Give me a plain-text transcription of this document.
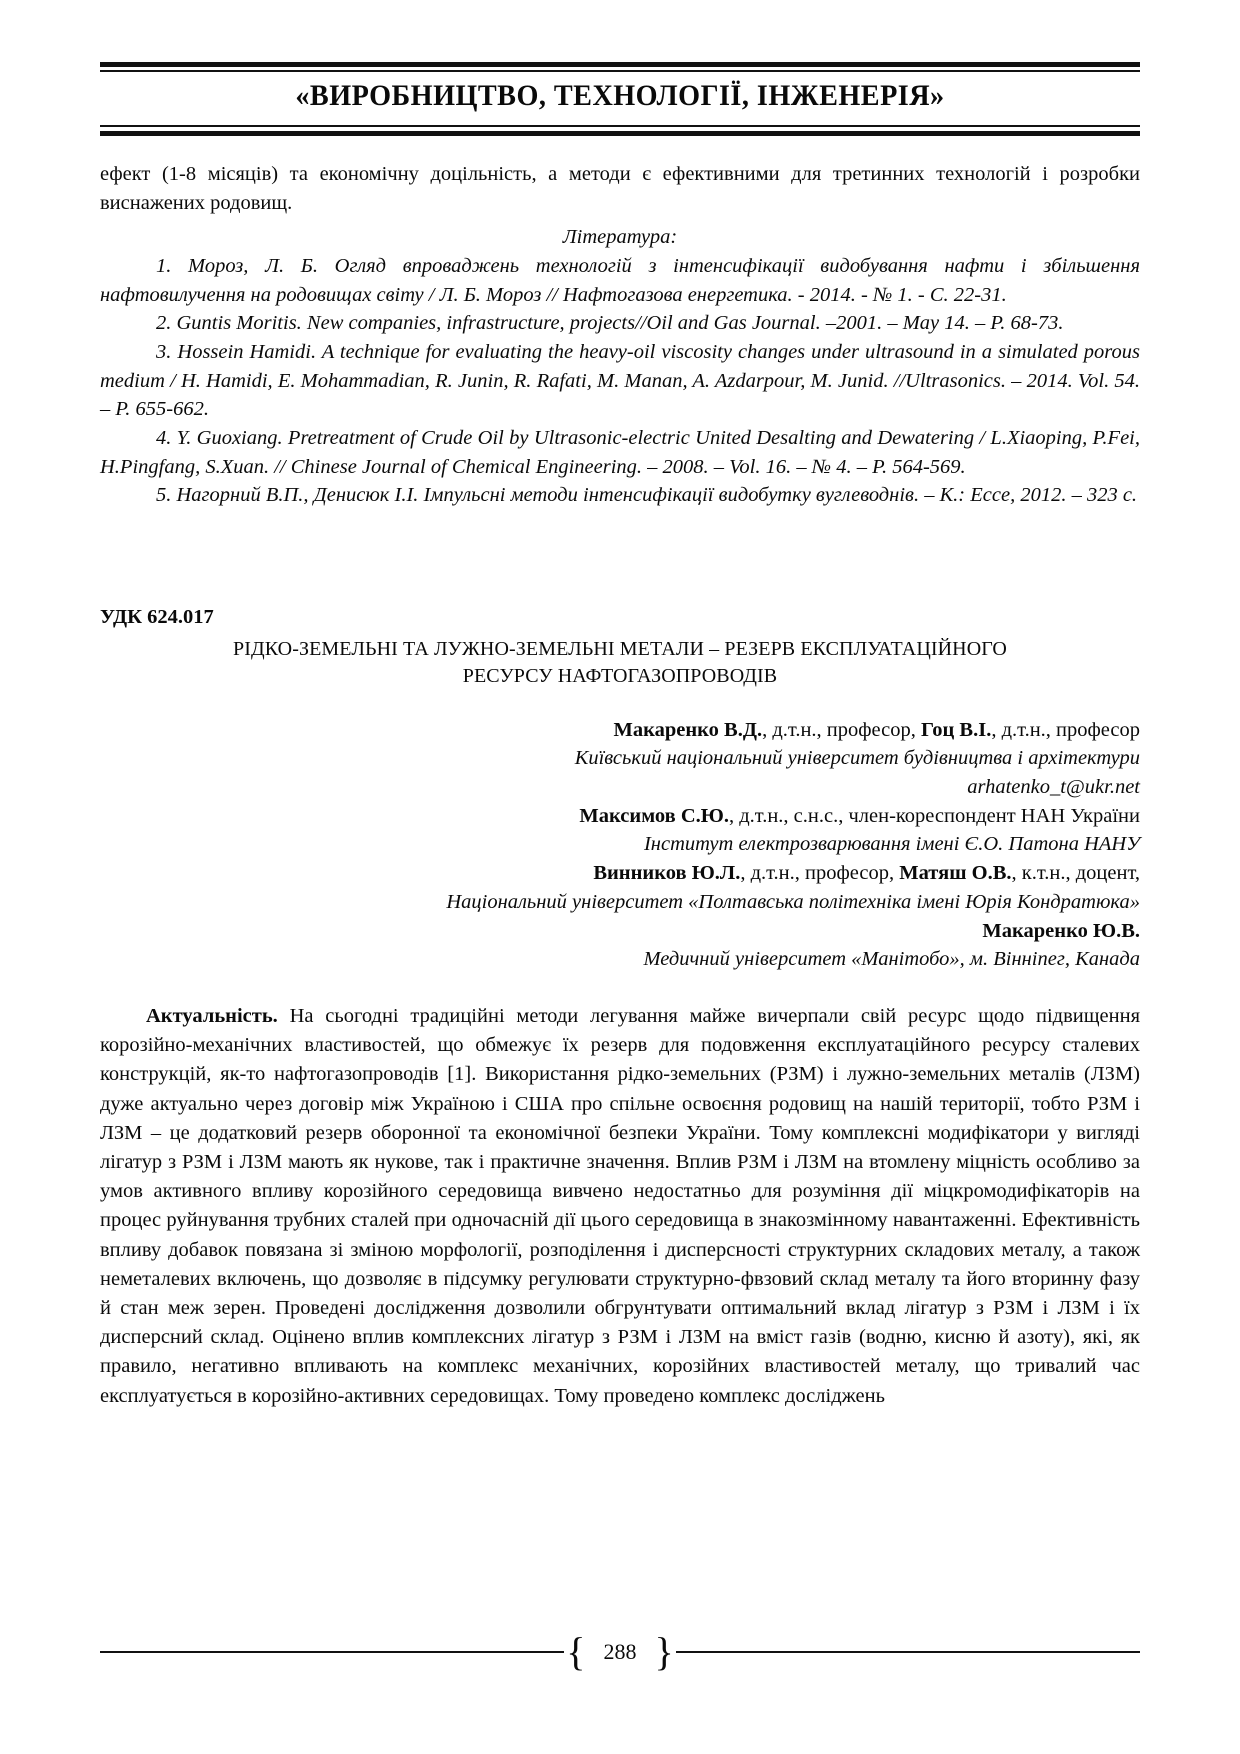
«ВИРОБНИЦТВО, ТЕХНОЛОГІЇ, ІНЖЕНЕРІЯ»
ефект (1-8 місяців) та економічну доцільність, а методи є ефективними для третинних технологій і розробки виснажених родовищ.
Література:
1. Мороз, Л. Б. Огляд впроваджень технологій з інтенсифікації видобування нафти і збільшення нафтовилучення на родовищах світу / Л. Б. Мороз // Нафтогазова енергетика. - 2014. - № 1. - С. 22-31.
2. Guntis Moritis. New companies, infrastructure, projects//Oil and Gas Journal. –2001. – May 14. – P. 68-73.
3. Hossein Hamidi. A technique for evaluating the heavy-oil viscosity changes under ultrasound in a simulated porous medium / H. Hamidi, E. Mohammadian, R. Junin, R. Rafati, M. Manan, A. Azdarpour, M. Junid. //Ultrasonics. – 2014. Vol. 54. – P. 655-662.
4. Y. Guoxiang. Pretreatment of Crude Oil by Ultrasonic-electric United Desalting and Dewatering / L.Xiaoping, P.Fei, H.Pingfang, S.Xuan. // Chinese Journal of Chemical Engineering. – 2008. – Vol. 16. – № 4. – P. 564-569.
5. Нагорний В.П., Денисюк І.І. Імпульсні методи інтенсифікації видобутку вуглеводнів. – К.: Ecce, 2012. – 323 с.
УДК 624.017
РІДКО-ЗЕМЕЛЬНІ ТА ЛУЖНО-ЗЕМЕЛЬНІ МЕТАЛИ – РЕЗЕРВ ЕКСПЛУАТАЦІЙНОГО
РЕСУРСУ НАФТОГАЗОПРОВОДІВ
Макаренко В.Д., д.т.н., професор, Гоц В.І., д.т.н., професор
Київський національний університет будівництва і архітектури
arhatenko_t@ukr.net
Максимов С.Ю., д.т.н., с.н.с., член-кореспондент НАН України
Інститут електрозварювання імені Є.О. Патона НАНУ
Винников Ю.Л., д.т.н., професор, Матяш О.В., к.т.н., доцент,
Національний університет «Полтавська політехніка імені Юрія Кондратюка»
Макаренко Ю.В.
Медичний університет «Манітобо», м. Вінніпег, Канада
Актуальність. На сьогодні традиційні методи легування майже вичерпали свій ресурс щодо підвищення корозійно-механічних властивостей, що обмежує їх резерв для подовження експлуатаційного ресурсу сталевих конструкцій, як-то нафтогазопроводів [1]. Використання рідко-земельних (РЗМ) і лужно-земельних металів (ЛЗМ) дуже актуально через договір між Україною і США про спільне освоєння родовищ на нашій території, тобто РЗМ і ЛЗМ – це додатковий резерв оборонної та економічної безпеки України. Тому комплексні модифікатори у вигляді лігатур з РЗМ і ЛЗМ мають як нукове, так і практичне значення. Вплив РЗМ і ЛЗМ на втомлену міцність особливо за умов активного впливу корозійного середовища вивчено недостатньо для розуміння дії міцкромодифікаторів на процес руйнування трубних сталей при одночасній дії цього середовища в знакозмінному навантаженні. Ефективність впливу добавок повязана зі зміною морфології, розподілення і дисперсності структурних складових металу, а також неметалевих включень, що дозволяє в підсумку регулювати структурно-фвзовий склад металу та його вторинну фазу й стан меж зерен. Проведені дослідження дозволили обгрунтувати оптимальний вклад лігатур з РЗМ і ЛЗМ і їх дисперсний склад. Оцінено вплив комплексних лігатур з РЗМ і ЛЗМ на вміст газів (водню, кисню й азоту), які, як правило, негативно впливають на комплекс механічних, корозійних властивостей металу, що тривалий час експлуатується в корозійно-активних середовищах. Тому проведено комплекс досліджень
{ 288 }
